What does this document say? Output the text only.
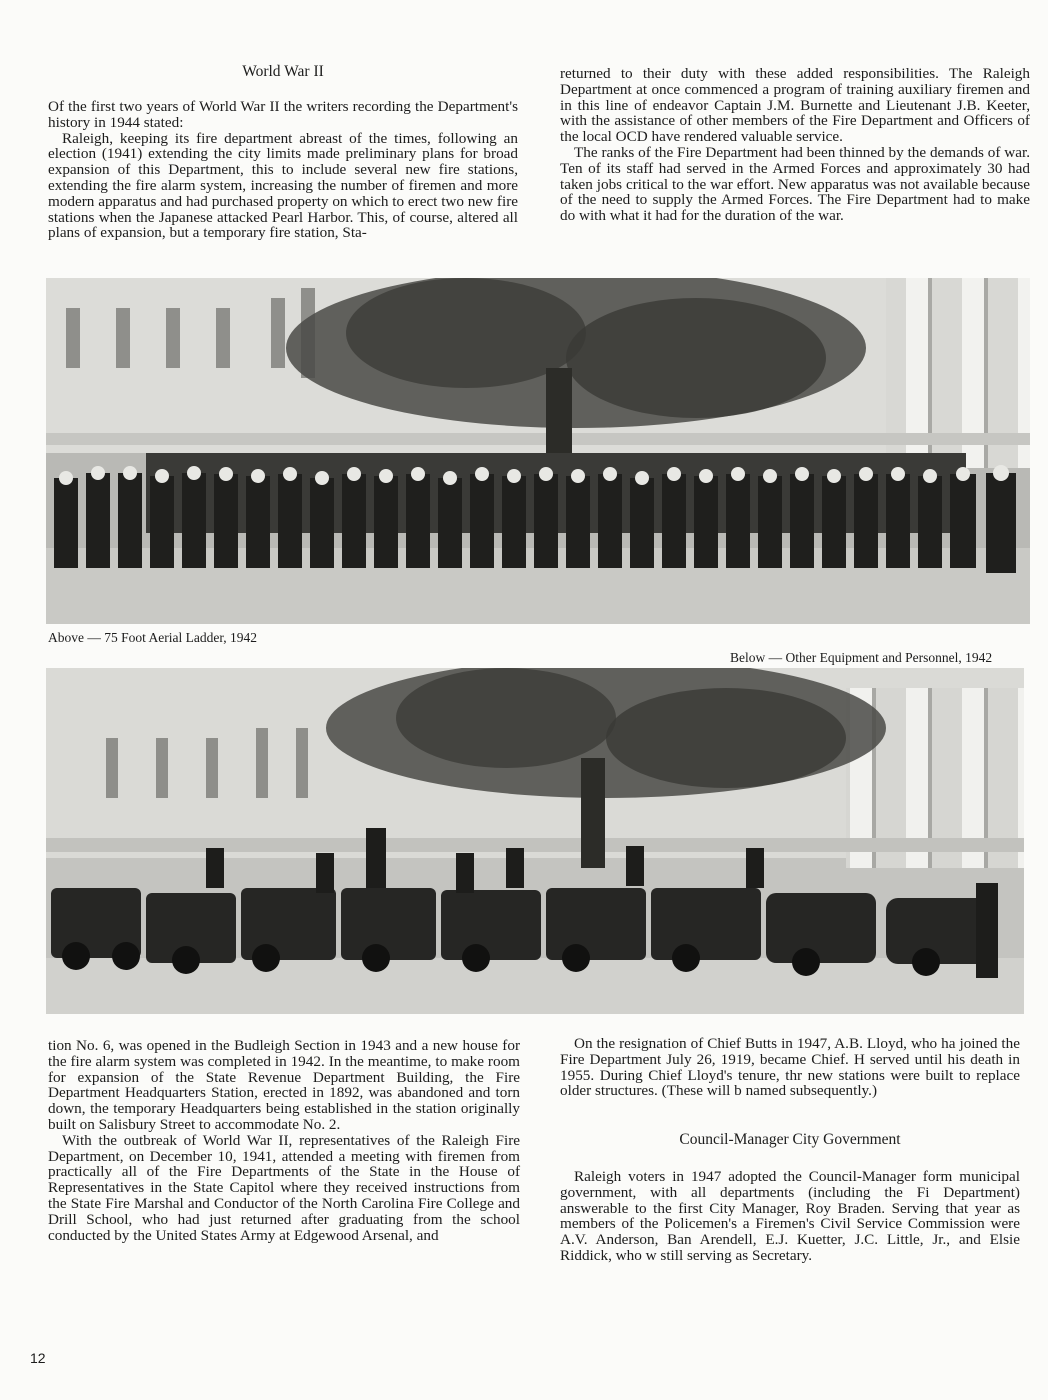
World War II

Of the first two years of World War II the writers recording the Department's history in 1944 stated:

Raleigh, keeping its fire department abreast of the times, following an election (1941) extending the city limits made preliminary plans for broad expansion of this Department, this to include several new fire stations, extending the fire alarm system, increasing the number of firemen and more modern apparatus and had purchased property on which to erect two new fire stations when the Japanese attacked Pearl Harbor. This, of course, altered all plans of expansion, but a temporary fire station, Sta-

returned to their duty with these added responsibilities. The Raleigh Department at once commenced a program of training auxiliary firemen and in this line of endeavor Captain J.M. Burnette and Lieutenant J.B. Keeter, with the assistance of other members of the Fire Department and Officers of the local OCD have rendered valuable service.

The ranks of the Fire Department had been thinned by the demands of war. Ten of its staff had served in the Armed Forces and approximately 30 had taken jobs critical to the war effort. New apparatus was not available because of the need to supply the Armed Forces. The Fire Department had to make do with what it had for the duration of the war.

Above — 75 Foot Aerial Ladder, 1942
Below — Other Equipment and Personnel, 1942

tion No. 6, was opened in the Budleigh Section in 1943 and a new house for the fire alarm system was completed in 1942. In the meantime, to make room for expansion of the State Revenue Department Building, the Fire Department Headquarters Station, erected in 1892, was abandoned and torn down, the temporary Headquarters being established in the station originally built on Salisbury Street to accommodate No. 2.

With the outbreak of World War II, representatives of the Raleigh Fire Department, on December 10, 1941, attended a meeting with firemen from practically all of the Fire Departments of the State in the House of Representatives in the State Capitol where they received instructions from the State Fire Marshal and Conductor of the North Carolina Fire College and Drill School, who had just returned after graduating from the school conducted by the United States Army at Edgewood Arsenal, and

On the resignation of Chief Butts in 1947, A.B. Lloyd, who ha joined the Fire Department July 26, 1919, became Chief. H served until his death in 1955. During Chief Lloyd's tenure, thr new stations were built to replace older structures. (These will b named subsequently.)

Council-Manager City Government

Raleigh voters in 1947 adopted the Council-Manager form municipal government, with all departments (including the Fi Department) answerable to the first City Manager, Roy Braden. Serving that year as members of the Policemen's a Firemen's Civil Service Commission were A.V. Anderson, Ban Arendell, E.J. Kuetter, J.C. Little, Jr., and Elsie Riddick, who w still serving as Secretary.

12
